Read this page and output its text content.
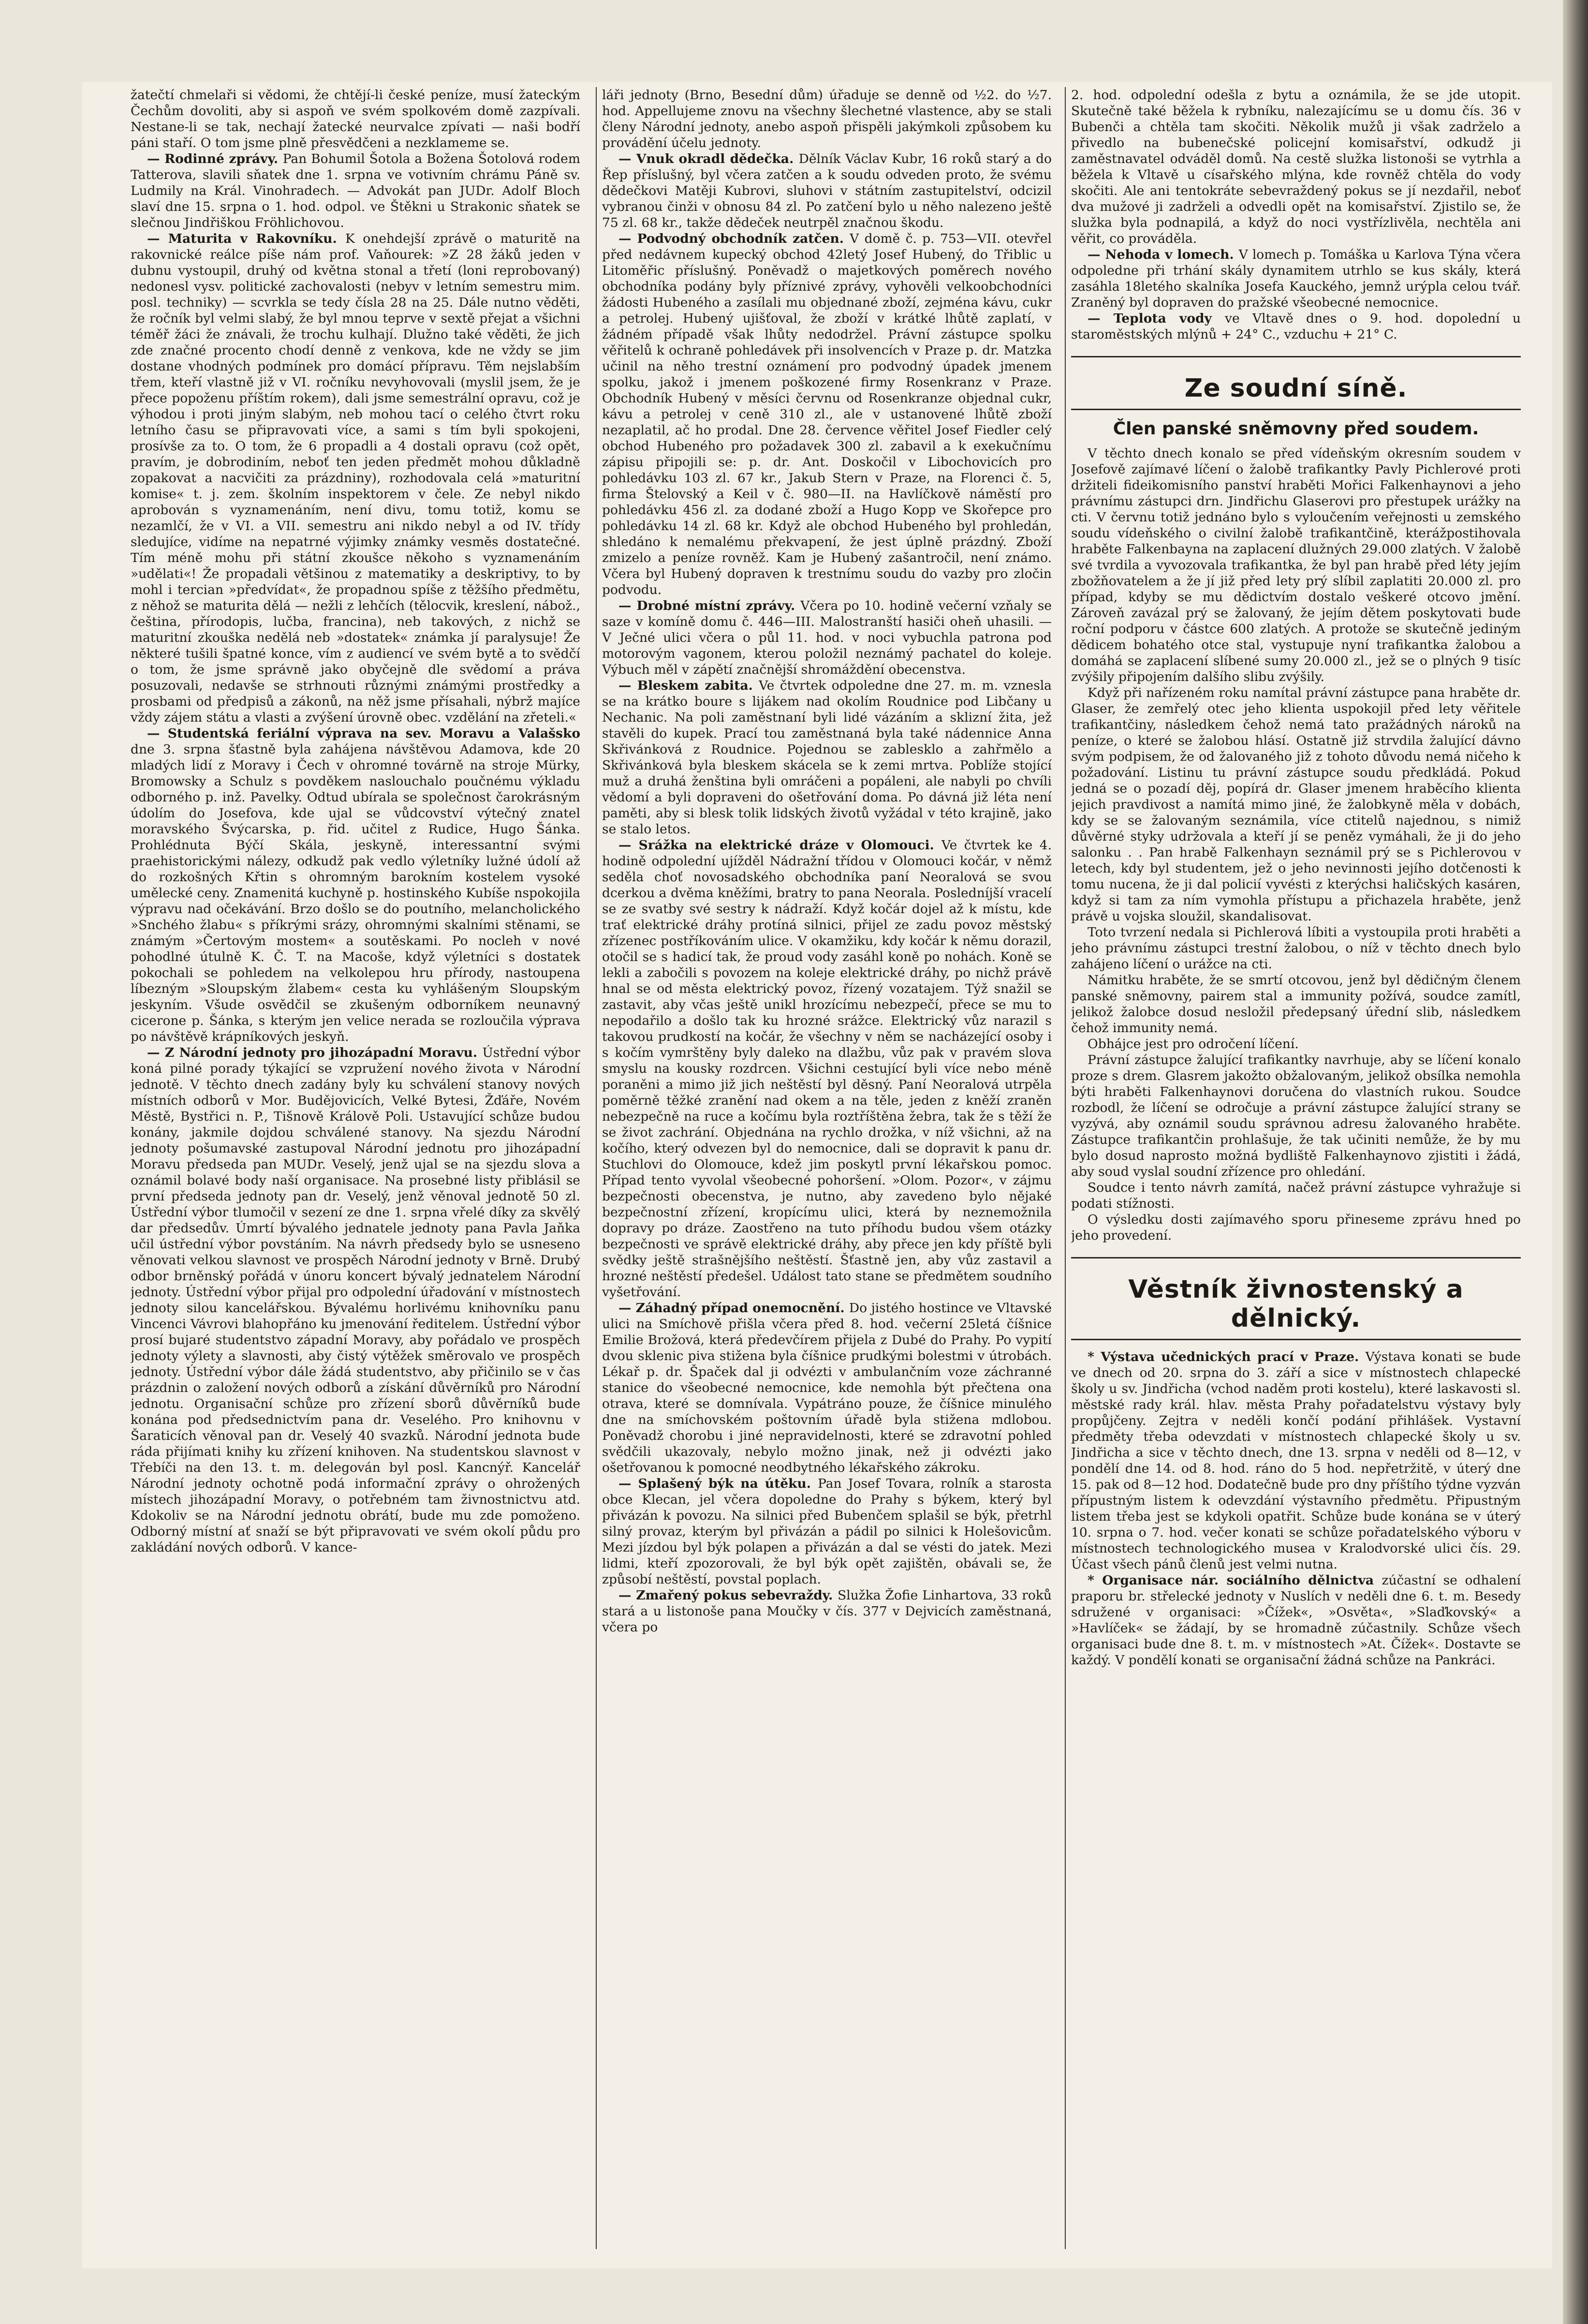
žatečtí chmelaři si vědomi, že chtějí-li české peníze, musí žateckým Čechům dovoliti, aby si aspoň ve svém spolkovém domě zazpívali. Nestane-li se tak, nechají žatecké neurvalce zpívati — naši bodří páni staří. O tom jsme plně přesvědčeni a nezklameme se.

— Rodinné zprávy. Pan Bohumil Šotola a Božena Šotolová rodem Tatterova, slavili sňatek dne 1. srpna ve votivním chrámu Páně sv. Ludmily na Král. Vinohradech. — Advokát pan JUDr. Adolf Bloch slaví dne 15. srpna o 1. hod. odpol. ve Štěkni u Strakonic sňatek se slečnou Jindřiškou Fröhlichovou.

— Maturita v Rakovníku. K onehdejší zprávě o maturitě na rakovnické reálce píše nám prof. Vaňourek: »Z 28 žáků jeden v dubnu vystoupil, druhý od května stonal a třetí (loni reprobovaný) nedonesl vysv. politické zachovalosti (nebyv v letním semestru mim. posl. techniky) — scvrkla se tedy čísla 28 na 25. Dále nutno věděti, že ročník byl velmi slabý, že byl mnou teprve v sextě přejat a všichni téměř žáci že znávali, že trochu kulhají. Dlužno také věděti, že jich zde značné procento chodí denně z venkova, kde ne vždy se jim dostane vhodných podmínek pro domácí přípravu. Těm nejslabším třem, kteří vlastně již v VI. ročníku nevyhovovali (myslil jsem, že je přece popoženu příštím rokem), dali jsme semestrální opravu, což je výhodou i proti jiným slabým, neb mohou tací o celého čtvrt roku letního času se připravovati více, a sami s tím byli spokojeni, prosívše za to. O tom, že 6 propadli a 4 dostali opravu (což opět, pravím, je dobrodiním, neboť ten jeden předmět mohou důkladně zopakovat a nacvičiti za prázdniny), rozhodovala celá »maturitní komise« t. j. zem. školním inspektorem v čele. Ze nebyl nikdo aprobován s vyznamenáním, není divu, tomu totiž, komu se nezamlčí, že v VI. a VII. semestru ani nikdo nebyl a od IV. třídy sledujíce, vidíme na nepatrné výjimky známky vesměs dostatečné. Tím méně mohu při státní zkoušce někoho s vyznamenáním »udělati«! Že propadali většinou z matematiky a deskriptivy, to by mohl i tercian »předvídat«, že propadnou spíše z těžšího předmětu, z něhož se maturita dělá — nežli z lehčích (tělocvik, kreslení, nábož., čeština, přírodopis, lučba, francina), neb takových, z nichž se maturitní zkouška nedělá neb »dostatek« známka jí paralysuje! Že některé tušili špatné konce, vím z audiencí ve svém bytě a to svědčí o tom, že jsme správně jako obyčejně dle svědomí a práva posuzovali, nedavše se strhnouti různými známými prostředky a prosbami od předpisů a zákonů, na něž jsme přísahali, nýbrž majíce vždy zájem státu a vlasti a zvýšení úrovně obec. vzdělání na zřeteli.«

— Studentská feriální výprava na sev. Moravu a Valašsko dne 3. srpna šťastně byla zahájena návštěvou Adamova, kde 20 mladých lidí z Moravy i Čech v ohromné továrně na stroje Mürky, Bromowsky a Schulz s povděkem naslouchalo poučnému výkladu odborného p. inž. Pavelky. Odtud ubírala se společnost čarokrásným údolím do Josefova, kde ujal se vůdcovství výtečný znatel moravského Švýcarska, p. řid. učitel z Rudice, Hugo Šánka. Prohlédnuta Býčí Skála, jeskyně, interessantní svými praehistorickými nálezy, odkudž pak vedlo výletníky lužné údolí až do rozkošných Křtin s ohromným barokním kostelem vysoké umělecké ceny. Znamenitá kuchyně p. hostinského Kubíše nspokojila výpravu nad očekávání. Brzo došlo se do poutního, melancholického »Snchého žlabu« s příkrými srázy, ohromnými skalními stěnami, se známým »Čertovým mostem« a soutěskami. Po nocleh v nové pohodlné útulně K. Č. T. na Macoše, když výletníci s dostatek pokochali se pohledem na velkolepou hru přírody, nastoupena líbezným »Sloupským žlabem« cesta ku vyhlášeným Sloupským jeskyním. Všude osvědčil se zkušeným odborníkem neunavný cicerone p. Šánka, s kterým jen velice nerada se rozloučila výprava po návštěvě krápníkových jeskyň.

— Z Národní jednoty pro jihozápadní Moravu. Ústřední výbor koná pilné porady týkající se vzpružení nového života v Národní jednotě. V těchto dnech zadány byly ku schválení stanovy nových místních odborů v Mor. Budějovicích, Velké Bytesi, Žďáře, Novém Městě, Bystřici n. P., Tišnově Králově Poli. Ustavující schůze budou konány, jakmile dojdou schválené stanovy. Na sjezdu Národní jednoty pošumavské zastupoval Národní jednotu pro jihozápadní Moravu předseda pan MUDr. Veselý, jenž ujal se na sjezdu slova a oznámil bolavé body naší organisace. Na prosebné listy přiblásil se první předseda jednoty pan dr. Veselý, jenž věnoval jednotě 50 zl. Ústřední výbor tlumočil v sezení ze dne 1. srpna vřelé díky za skvělý dar předsedův. Úmrtí bývalého jednatele jednoty pana Pavla Jaňka učil ústřední výbor povstáním. Na návrh předsedy bylo se usneseno věnovati velkou slavnost ve prospěch Národní jednoty v Brně. Drubý odbor brněnský pořádá v únoru koncert bývalý jednatelem Národní jednoty. Ústřední výbor přijal pro odpolední úřadování v místnostech jednoty silou kancelářskou. Bývalému horlivému knihovníku panu Vincenci Vávrovi blahopřáno ku jmenování ředitelem. Ústřední výbor prosí bujaré studentstvo západní Moravy, aby pořádalo ve prospěch jednoty výlety a slavnosti, aby čistý výtěžek směrovalo ve prospěch jednoty. Ústřední výbor dále žádá studentstvo, aby přičinilo se v čas prázdnin o založení nových odborů a získání důvěrníků pro Národní jednotu. Organisační schůze pro zřízení sborů důvěrníků bude konána pod předsednictvím pana dr. Veselého. Pro knihovnu v Šaraticích věnoval pan dr. Veselý 40 svazků. Národní jednota bude ráda přijímati knihy ku zřízení knihoven. Na studentskou slavnost v Třebíči na den 13. t. m. delegován byl posl. Kancnýř. Kancelář Národní jednoty ochotně podá informační zprávy o ohrožených místech jihozápadní Moravy, o potřebném tam živnostnictvu atd. Kdokoliv se na Národní jednotu obrátí, bude mu zde pomoženo. Odborný místní ať snaží se být připravovati ve svém okolí půdu pro zakládání nových odborů. V kance-

láři jednoty (Brno, Besední dům) úřaduje se denně od ½2. do ½7. hod. Appellujeme znovu na všechny šlechetné vlastence, aby se stali členy Národní jednoty, anebo aspoň přispěli jakýmkoli způsobem ku provádění účelu jednoty.

— Vnuk okradl dědečka. Dělník Václav Kubr, 16 roků starý a do Řep příslušný, byl včera zatčen a k soudu odveden proto, že svému dědečkovi Matěji Kubrovi, sluhovi v státním zastupitelství, odcizil vybranou činži v obnosu 84 zl. Po zatčení bylo u něho nalezeno ještě 75 zl. 68 kr., takže dědeček neutrpěl značnou škodu.

— Podvodný obchodník zatčen. V domě č. p. 753—VII. otevřel před nedávnem kupecký obchod 42letý Josef Hubený, do Třiblic u Litoměřic příslušný. Poněvadž o majetkových poměrech nového obchodníka podány byly příznivé zprávy, vyhověli velkoobchodníci žádosti Hubeného a zasílali mu objednané zboží, zejména kávu, cukr a petrolej. Hubený ujišťoval, že zboží v krátké lhůtě zaplatí, v žádném případě však lhůty nedodržel. Právní zástupce spolku věřitelů k ochraně pohledávek při insolvencích v Praze p. dr. Matzka učinil na něho trestní oznámení pro podvodný úpadek jmenem spolku, jakož i jmenem poškozené firmy Rosenkranz v Praze. Obchodník Hubený v měsíci červnu od Rosenkranze objednal cukr, kávu a petrolej v ceně 310 zl., ale v ustanovené lhůtě zboží nezaplatil, ač ho prodal. Dne 28. července věřitel Josef Fiedler celý obchod Hubeného pro požadavek 300 zl. zabavil a k exekučnímu zápisu připojili se: p. dr. Ant. Doskočil v Libochovicích pro pohledávku 103 zl. 67 kr., Jakub Stern v Praze, na Florenci č. 5, firma Štelovský a Keil v č. 980—II. na Havlíčkově náměstí pro pohledávku 456 zl. za dodané zboží a Hugo Kopp ve Skořepce pro pohledávku 14 zl. 68 kr. Když ale obchod Hubeného byl prohledán, shledáno k nemalému překvapení, že jest úplně prázdný. Zboží zmizelo a peníze rovněž. Kam je Hubený zašantročil, není známo. Včera byl Hubený dopraven k trestnímu soudu do vazby pro zločin podvodu.

— Drobné místní zprávy. Včera po 10. hodině večerní vzňaly se saze v komíně domu č. 446—III. Malostranští hasiči oheň uhasili. — V Ječné ulici včera o půl 11. hod. v noci vybuchla patrona pod motorovým vagonem, kterou položil neznámý pachatel do koleje. Výbuch měl v zápětí značnější shromáždění obecenstva.

— Bleskem zabita. Ve čtvrtek odpoledne dne 27. m. m. vznesla se na krátko boure s lijákem nad okolím Roudnice pod Libčany u Nechanic. Na poli zaměstnaní byli lidé vázáním a sklizní žita, jež stavěli do kupek. Prací tou zaměstnaná byla také nádennice Anna Skřivánková z Roudnice. Pojednou se zablesklo a zahřmělo a Skřivánková byla bleskem skácela se k zemi mrtva. Poblíže stojící muž a druhá ženština byli omráčeni a popáleni, ale nabyli po chvíli vědomí a byli dopraveni do ošetřování doma. Po dávná již léta není paměti, aby si blesk tolik lidských životů vyžádal v této krajině, jako se stalo letos.

— Srážka na elektrické dráze v Olomouci. Ve čtvrtek ke 4. hodině odpolední ujížděl Nádražní třídou v Olomouci kočár, v němž seděla choť novosadského obchodníka paní Neoralová se svou dcerkou a dvěma kněžími, bratry to pana Neorala. Posledníjší vracelí se ze svatby své sestry k nádraží. Když kočár dojel až k místu, kde trať elektrické dráhy protíná silnici, přijel ze zadu povoz městský zřízenec postříkováním ulice. V okamžiku, kdy kočár k němu dorazil, otočil se s hadicí tak, že proud vody zasáhl koně po nohách. Koně se lekli a zabočili s povozem na koleje elektrické dráhy, po nichž právě hnal se od města elektrický povoz, řízený vozatajem. Týž snažil se zastavit, aby včas ještě unikl hrozícímu nebezpečí, přece se mu to nepodařilo a došlo tak ku hrozné srážce. Elektrický vůz narazil s takovou prudkostí na kočár, že všechny v něm se nacházející osoby i s kočím vymrštěny byly daleko na dlažbu, vůz pak v pravém slova smyslu na kousky rozdrcen. Všichni cestující byli více nebo méně poraněni a mimo již jich neštěstí byl děsný. Paní Neoralová utrpěla poměrně těžké zranění nad okem a na těle, jeden z kněží zraněn nebezpečně na ruce a kočímu byla roztříštěna žebra, tak že s těží že se život zachrání. Objednána na rychlo drožka, v níž všichni, až na kočího, který odvezen byl do nemocnice, dali se dopravit k panu dr. Stuchlovi do Olomouce, kdež jim poskytl první lékařskou pomoc. Případ tento vyvolal všeobecné pohoršení. »Olom. Pozor«, v zájmu bezpečnosti obecenstva, je nutno, aby zavedeno bylo nějaké bezpečnostní zřízení, kropícímu ulici, která by neznemožnila dopravy po dráze. Zaostřeno na tuto příhodu budou všem otázky bezpečnosti ve správě elektrické dráhy, aby přece jen kdy příště byli svědky ještě strašnějšího neštěstí. Šťastně jen, aby vůz zastavil a hrozné neštěstí předešel. Událost tato stane se předmětem soudního vyšetřování.

— Záhadný případ onemocnění. Do jistého hostince ve Vltavské ulici na Smíchově přišla včera před 8. hod. večerní 25letá číšnice Emilie Brožová, která předevčírem přijela z Dubé do Prahy. Po vypití dvou sklenic piva stižena byla číšnice prudkými bolestmi v útrobách. Lékař p. dr. Špaček dal ji odvézti v ambulančním voze záchranné stanice do všeobecné nemocnice, kde nemohla být přečtena ona otrava, které se domnívala. Vypátráno pouze, že číšnice minulého dne na smíchovském poštovním úřadě byla stižena mdlobou. Poněvadž chorobu i jiné nepravidelnosti, které se zdravotní pohled svědčili ukazovaly, nebylo možno jinak, než ji odvézti jako ošetřovanou k pomocné neodbytného lékařského zákroku.

— Splašený býk na útěku. Pan Josef Tovara, rolník a starosta obce Klecan, jel včera dopoledne do Prahy s býkem, který byl přivázán k povozu. Na silnici před Bubenčem splašil se býk, přetrhl silný provaz, kterým byl přivázán a pádil po silnici k Holešovicům. Mezi jízdou byl býk polapen a přivázán a dal se vésti do jatek. Mezi lidmi, kteří zpozorovali, že byl býk opět zajištěn, obávali se, že způsobí neštěstí, povstal poplach.

— Zmařený pokus sebevraždy. Služka Žofie Linhartova, 33 roků stará a u listonoše pana Moučky v čís. 377 v Dejvicích zaměstnaná, včera po

2. hod. odpolední odešla z bytu a oznámila, že se jde utopit. Skutečně také běžela k rybníku, nalezajícímu se u domu čís. 36 v Bubenči a chtěla tam skočiti. Několik mužů ji však zadrželo a přivedlo na bubenečské policejní komisařství, odkudž ji zaměstnavatel odváděl domů. Na cestě služka listonoši se vytrhla a běžela k Vltavě u císařského mlýna, kde rovněž chtěla do vody skočiti. Ale ani tentokráte sebevraždený pokus se jí nezdařil, neboť dva mužové ji zadrželi a odvedli opět na komisařství. Zjistilo se, že služka byla podnapilá, a když do noci vystřízlivěla, nechtěla ani věřit, co prováděla.

— Nehoda v lomech. V lomech p. Tomáška u Karlova Týna včera odpoledne při trhání skály dynamitem utrhlo se kus skály, která zasáhla 18letého skalníka Josefa Kauckého, jemnž urýpla celou tvář. Zraněný byl dopraven do pražské všeobecné nemocnice.

— Teplota vody ve Vltavě dnes o 9. hod. dopolední u staroměstských mlýnů + 24° C., vzduchu + 21° C.

Ze soudní síně.
Člen panské sněmovny před soudem.

V těchto dnech konalo se před vídeňským okresním soudem v Josefově zajímavé líčení o žalobě trafikantky Pavly Pichlerové proti držiteli fideikomisního panství hraběti Mořici Falkenhaynovi a jeho právnímu zástupci drn. Jindřichu Glaserovi pro přestupek urážky na cti. V červnu totiž jednáno bylo s vyloučením veřejnosti u zemského soudu vídeňského o civilní žalobě trafikantčině, kterážpostihovala hraběte Falkenbayna na zaplacení dlužných 29.000 zlatých. V žalobě své tvrdila a vyvozovala trafikantka, že byl pan hrabě před léty jejím zbožňovatelem a že jí již před lety prý slíbil zaplatiti 20.000 zl. pro případ, kdyby se mu dědictvím dostalo veškeré otcovo jmění. Zároveň zavázal prý se žalovaný, že jejím dětem poskytovati bude roční podporu v částce 600 zlatých. A protože se skutečně jediným dědicem bohatého otce stal, vystupuje nyní trafikantka žalobou a domáhá se zaplacení slíbené sumy 20.000 zl., jež se o plných 9 tisíc zvýšily připojením dalšího slibu zvýšily.

Když při nařízeném roku namítal právní zástupce pana hraběte dr. Glaser, že zemřelý otec jeho klienta uspokojil před lety věřitele trafikantčiny, následkem čehož nemá tato pražádných nároků na peníze, o které se žalobou hlásí. Ostatně již strvdila žalující dávno svým podpisem, že od žalovaného již z tohoto důvodu nemá ničeho k požadování. Listinu tu právní zástupce soudu předkládá. Pokud jedná se o pozadí děj, popírá dr. Glaser jmenem hraběcího klienta jejich pravdivost a namítá mimo jiné, že žalobkyně měla v dobách, kdy se se žalovaným seznámila, více ctitelů najednou, s nimiž důvěrné styky udržovala a kteří jí se peněz vymáhali, že ji do jeho salonku . . Pan hrabě Falkenhayn seznámil prý se s Pichlerovou v letech, kdy byl studentem, jež o jeho nevinnosti jejího dotčenosti k tomu nucena, že ji dal policií vyvésti z kterýchsi haličských kasáren, když si tam za ním vymohla přístupu a přichazela hraběte, jenž právě u vojska sloužil, skandalisovat.

Toto tvrzení nedala si Pichlerová líbiti a vystoupila proti hraběti a jeho právnímu zástupci trestní žalobou, o níž v těchto dnech bylo zahájeno líčení o urážce na cti.

Námitku hraběte, že se smrtí otcovou, jenž byl dědičným členem panské sněmovny, pairem stal a immunity požívá, soudce zamítl, jelikož žalobce dosud nesložil předepsaný úřední slib, následkem čehož immunity nemá.

Obhájce jest pro odročení líčení.

Právní zástupce žalující trafikantky navrhuje, aby se líčení konalo proze s drem. Glasrem jakožto obžalovaným, jelikož obsílka nemohla býti hraběti Falkenhaynovi doručena do vlastních rukou. Soudce rozbodl, že líčení se odročuje a právní zástupce žalující strany se vyzývá, aby oznámil soudu správnou adresu žalovaného hraběte. Zástupce trafikantčin prohlašuje, že tak učiniti nemůže, že by mu bylo dosud naprosto možná bydliště Falkenhaynovo zjistiti i žádá, aby soud vyslal soudní zřízence pro ohledání.

Soudce i tento návrh zamítá, načež právní zástupce vyhražuje si podati stížnosti.

O výsledku dosti zajímavého sporu přineseme zprávu hned po jeho provedení.

Věstník živnostenský a dělnický.

* Výstava učednických prací v Praze. Výstava konati se bude ve dnech od 20. srpna do 3. září a sice v místnostech chlapecké školy u sv. Jindřicha (vchod naděm proti kostelu), které laskavosti sl. městské rady král. hlav. města Prahy pořadatelstvu výstavy byly propůjčeny. Zejtra v neděli končí podání přihlášek. Vystavní předměty třeba odevzdati v místnostech chlapecké školy u sv. Jindřicha a sice v těchto dnech, dne 13. srpna v neděli od 8—12, v pondělí dne 14. od 8. hod. ráno do 5 hod. nepřetržitě, v úterý dne 15. pak od 8—12 hod. Dodatečně bude pro dny příštího týdne vyzván přípustným listem k odevzdání výstavního předmětu. Připustným listem třeba jest se kdykoli opatřit. Schůze bude konána se v úterý 10. srpna o 7. hod. večer konati se schůze pořadatelského výboru v místnostech technologického musea v Kralodvorské ulici čís. 29. Účast všech pánů členů jest velmi nutna.

* Organisace nár. sociálního dělnictva zúčastní se odhalení praporu br. střelecké jednoty v Nuslích v neděli dne 6. t. m. Besedy sdružené v organisaci: »Čížek«, »Osvěta«, »Slaďkovský« a »Havlíček« se žádají, by se hromadně zúčastnily. Schůze všech organisaci bude dne 8. t. m. v místnostech »At. Čížek«. Dostavte se každý. V pondělí konati se organisační žádná schůze na Pankráci.
